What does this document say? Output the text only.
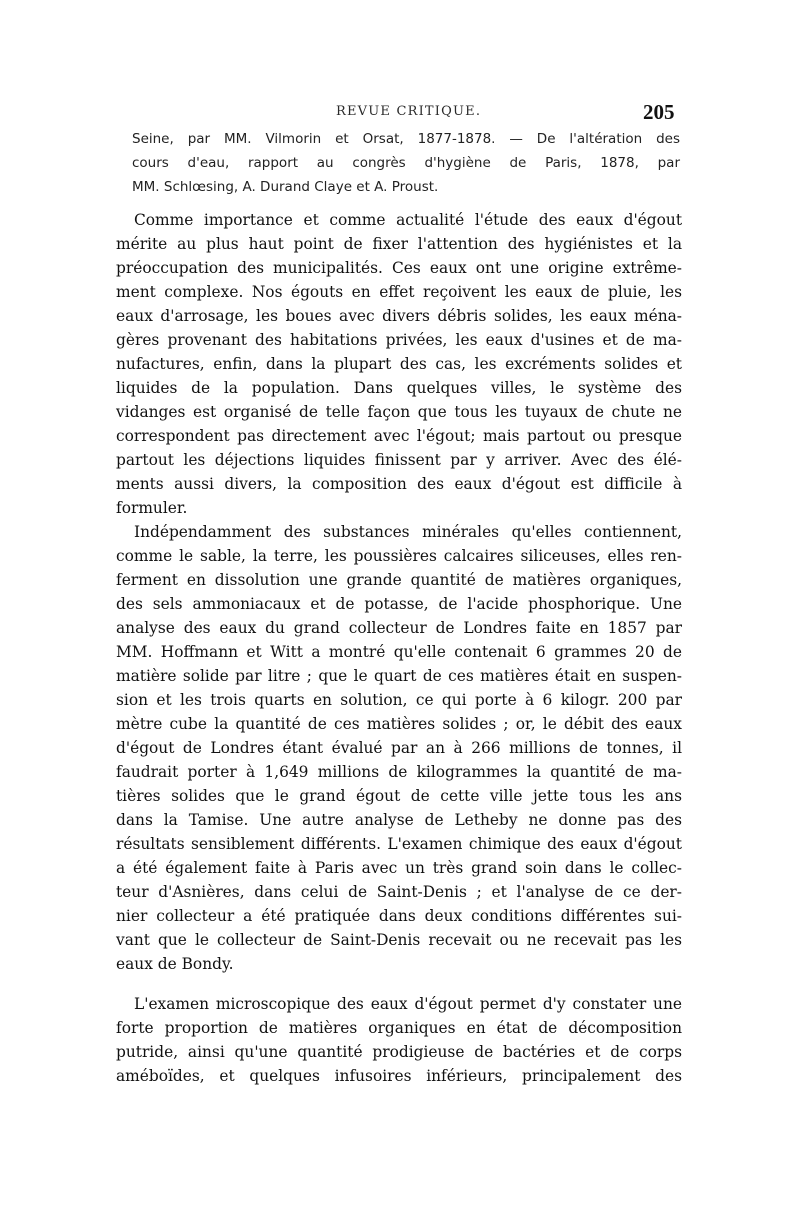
REVUE CRITIQUE.	205
Seine, par MM. Vilmorin et Orsat, 1877-1878. — De l'altération des
cours d'eau, rapport au congrès d'hygiène de Paris, 1878, par
MM. Schlœsing, A. Durand Claye et A. Proust.
Comme importance et comme actualité l'étude des eaux d'égout
mérite au plus haut point de fixer l'attention des hygiénistes et la
préoccupation des municipalités. Ces eaux ont une origine extrême-
ment complexe. Nos égouts en effet reçoivent les eaux de pluie, les
eaux d'arrosage, les boues avec divers débris solides, les eaux ména-
gères provenant des habitations privées, les eaux d'usines et de ma-
nufactures, enfin, dans la plupart des cas, les excréments solides et
liquides de la population. Dans quelques villes, le système des
vidanges est organisé de telle façon que tous les tuyaux de chute ne
correspondent pas directement avec l'égout; mais partout ou presque
partout les déjections liquides finissent par y arriver. Avec des élé-
ments aussi divers, la composition des eaux d'égout est difficile à
formuler.
Indépendamment des substances minérales qu'elles contiennent,
comme le sable, la terre, les poussières calcaires siliceuses, elles ren-
ferment en dissolution une grande quantité de matières organiques,
des sels ammoniacaux et de potasse, de l'acide phosphorique. Une
analyse des eaux du grand collecteur de Londres faite en 1857 par
MM. Hoffmann et Witt a montré qu'elle contenait 6 grammes 20 de
matière solide par litre ; que le quart de ces matières était en suspen-
sion et les trois quarts en solution, ce qui porte à 6 kilogr. 200 par
mètre cube la quantité de ces matières solides ; or, le débit des eaux
d'égout de Londres étant évalué par an à 266 millions de tonnes, il
faudrait porter à 1,649 millions de kilogrammes la quantité de ma-
tières solides que le grand égout de cette ville jette tous les ans
dans la Tamise. Une autre analyse de Letheby ne donne pas des
résultats sensiblement différents. L'examen chimique des eaux d'égout
a été également faite à Paris avec un très grand soin dans le collec-
teur d'Asnières, dans celui de Saint-Denis ; et l'analyse de ce der-
nier collecteur a été pratiquée dans deux conditions différentes sui-
vant que le collecteur de Saint-Denis recevait ou ne recevait pas les
eaux de Bondy.
L'examen microscopique des eaux d'égout permet d'y constater une
forte proportion de matières organiques en état de décomposition
putride, ainsi qu'une quantité prodigieuse de bactéries et de corps
amébоïdes, et quelques infusoires inférieurs, principalement des
